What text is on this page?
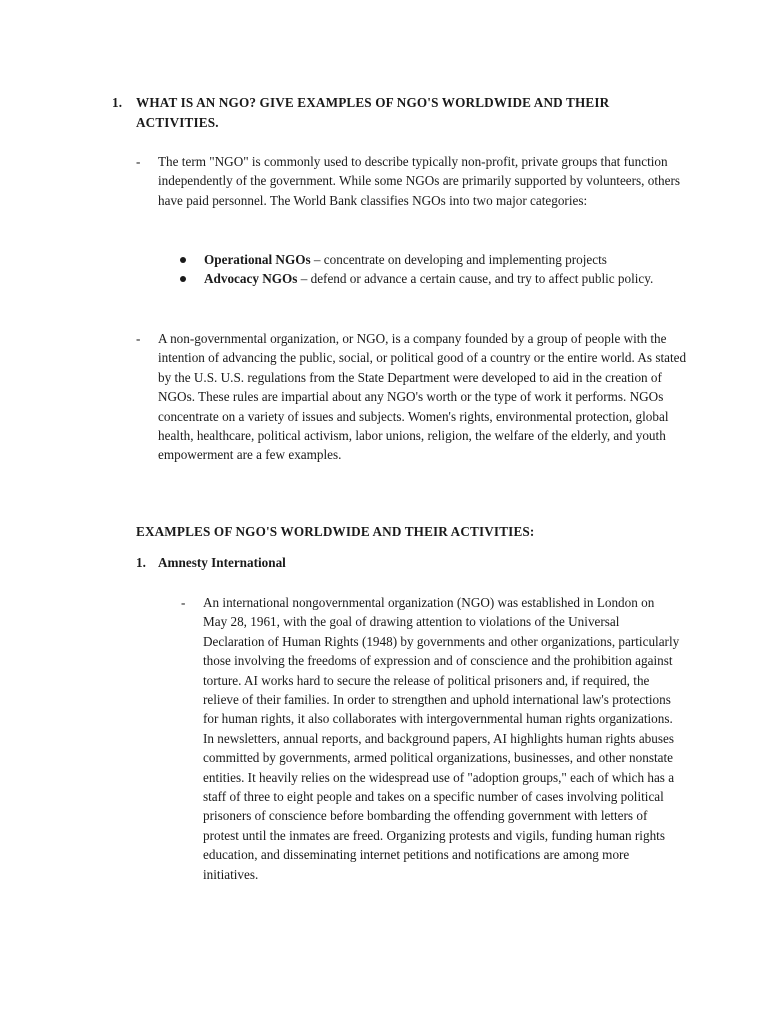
1. WHAT IS AN NGO? GIVE EXAMPLES OF NGO'S WORLDWIDE AND THEIR ACTIVITIES.
- The term "NGO" is commonly used to describe typically non-profit, private groups that function independently of the government. While some NGOs are primarily supported by volunteers, others have paid personnel. The World Bank classifies NGOs into two major categories:
Operational NGOs – concentrate on developing and implementing projects
Advocacy NGOs – defend or advance a certain cause, and try to affect public policy.
- A non-governmental organization, or NGO, is a company founded by a group of people with the intention of advancing the public, social, or political good of a country or the entire world. As stated by the U.S. U.S. regulations from the State Department were developed to aid in the creation of NGOs. These rules are impartial about any NGO's worth or the type of work it performs. NGOs concentrate on a variety of issues and subjects. Women's rights, environmental protection, global health, healthcare, political activism, labor unions, religion, the welfare of the elderly, and youth empowerment are a few examples.
EXAMPLES OF NGO'S WORLDWIDE AND THEIR ACTIVITIES:
1. Amnesty International
- An international nongovernmental organization (NGO) was established in London on May 28, 1961, with the goal of drawing attention to violations of the Universal Declaration of Human Rights (1948) by governments and other organizations, particularly those involving the freedoms of expression and of conscience and the prohibition against torture. AI works hard to secure the release of political prisoners and, if required, the relieve of their families. In order to strengthen and uphold international law's protections for human rights, it also collaborates with intergovernmental human rights organizations. In newsletters, annual reports, and background papers, AI highlights human rights abuses committed by governments, armed political organizations, businesses, and other nonstate entities. It heavily relies on the widespread use of "adoption groups," each of which has a staff of three to eight people and takes on a specific number of cases involving political prisoners of conscience before bombarding the offending government with letters of protest until the inmates are freed. Organizing protests and vigils, funding human rights education, and disseminating internet petitions and notifications are among more initiatives.
